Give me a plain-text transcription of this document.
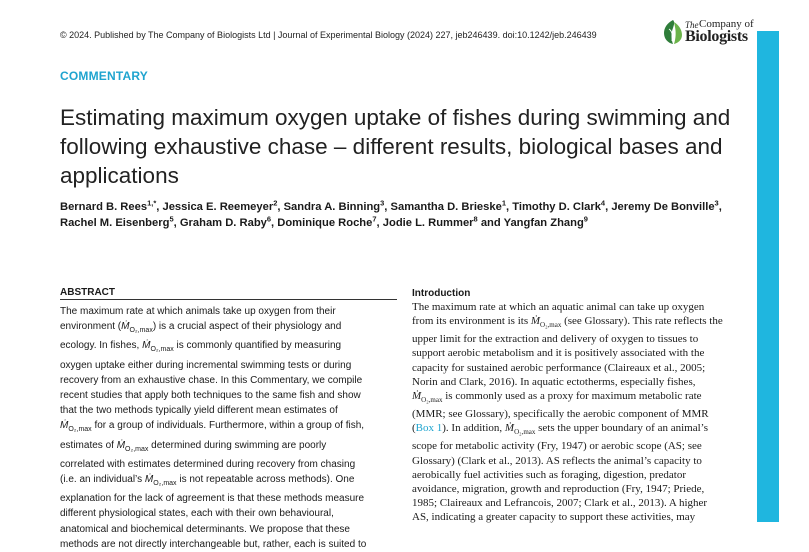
© 2024. Published by The Company of Biologists Ltd | Journal of Experimental Biology (2024) 227, jeb246439. doi:10.1242/jeb.246439
The Company of
Biologists
COMMENTARY
Estimating maximum oxygen uptake of fishes during swimming and following exhaustive chase – different results, biological bases and applications
Bernard B. Rees$^{1,*}$, Jessica E. Reemeyer$^2$, Sandra A. Binning$^3$, Samantha D. Brieske$^1$, Timothy D. Clark$^4$, Jeremy De Bonville$^3$, Rachel M. Eisenberg$^5$, Graham D. Raby$^6$, Dominique Roche$^7$, Jodie L. Rummer$^8$ and Yangfan Zhang$^9$
ABSTRACT
The maximum rate at which animals take up oxygen from their
environment (Ṁ$_{O_2,max}$) is a crucial aspect of their physiology and
ecology. In fishes, Ṁ$_{O_2,max}$ is commonly quantified by measuring
oxygen uptake either during incremental swimming tests or during
recovery from an exhaustive chase. In this Commentary, we compile
recent studies that apply both techniques to the same fish and show
that the two methods typically yield different mean estimates of
Ṁ$_{O_2,max}$ for a group of individuals. Furthermore, within a group of fish,
estimates of Ṁ$_{O_2,max}$ determined during swimming are poorly
correlated with estimates determined during recovery from chasing
(i.e. an individual’s Ṁ$_{O_2,max}$ is not repeatable across methods). One
explanation for the lack of agreement is that these methods measure
different physiological states, each with their own behavioural,
anatomical and biochemical determinants. We propose that these
methods are not directly interchangeable but, rather, each is suited to
Introduction
The maximum rate at which an aquatic animal can take up oxygen
from its environment is its Ṁ$_{O_2,max}$ (see Glossary). This rate reflects the
upper limit for the extraction and delivery of oxygen to tissues to
support aerobic metabolism and it is positively associated with the
capacity for sustained aerobic performance (Claireaux et al., 2005;
Norin and Clark, 2016). In aquatic ectotherms, especially fishes,
Ṁ$_{O_2,max}$ is commonly used as a proxy for maximum metabolic rate
(MMR; see Glossary), specifically the aerobic component of MMR
(Box 1). In addition, Ṁ$_{O_2,max}$ sets the upper boundary of an animal’s
scope for metabolic activity (Fry, 1947) or aerobic scope (AS; see
Glossary) (Clark et al., 2013). AS reflects the animal’s capacity to
aerobically fuel activities such as foraging, digestion, predator
avoidance, migration, growth and reproduction (Fry, 1947; Priede,
1985; Claireaux and Lefrancois, 2007; Clark et al., 2013). A higher
AS, indicating a greater capacity to support these activities, may
